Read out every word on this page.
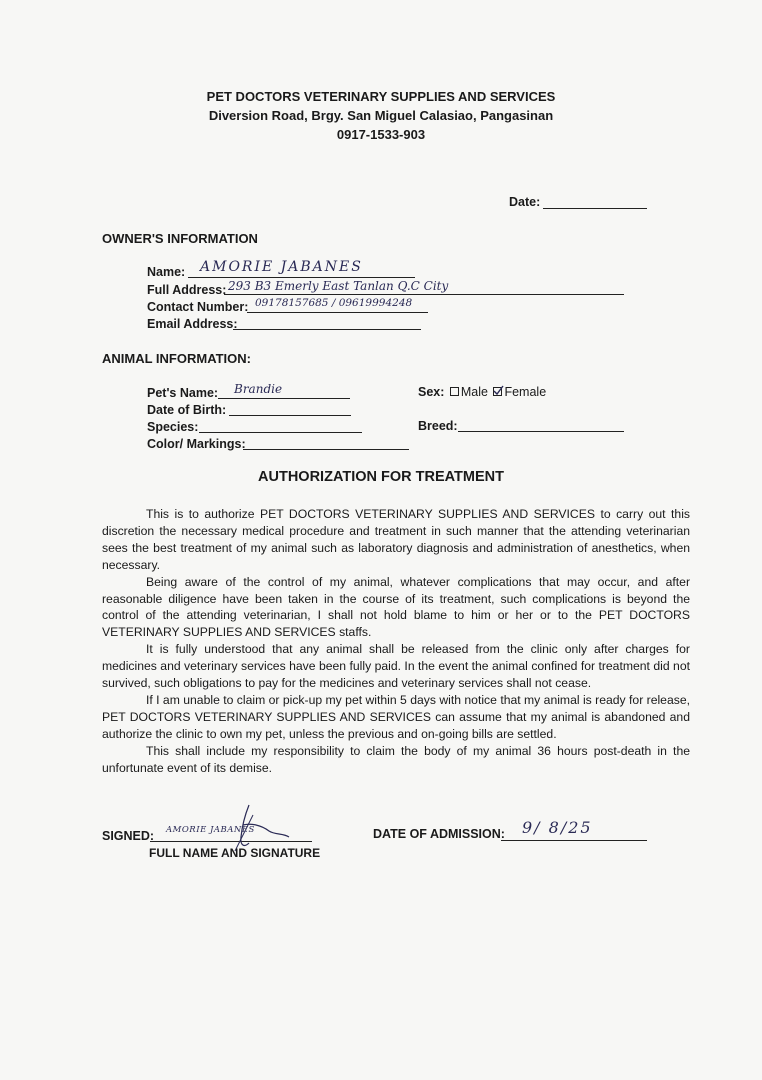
PET DOCTORS VETERINARY SUPPLIES AND SERVICES
Diversion Road, Brgy. San Miguel Calasiao, Pangasinan
0917-1533-903
Date:
OWNER'S INFORMATION
Name: AMORIE JABANES
Full Address: 293 B3 Emerly East Tanlan Q.C City
Contact Number: 09178157685 / 09619994248
Email Address:
ANIMAL INFORMATION:
Pet's Name: Brandie
Date of Birth:
Species:
Color/ Markings:
Sex: Male Female
Breed:
AUTHORIZATION FOR TREATMENT

This is to authorize PET DOCTORS VETERINARY SUPPLIES AND SERVICES to carry out this discretion the necessary medical procedure and treatment in such manner that the attending veterinarian sees the best treatment of my animal such as laboratory diagnosis and administration of anesthetics, when necessary.

Being aware of the control of my animal, whatever complications that may occur, and after reasonable diligence have been taken in the course of its treatment, such complications is beyond the control of the attending veterinarian, I shall not hold blame to him or her or to the PET DOCTORS VETERINARY SUPPLIES AND SERVICES staffs.

It is fully understood that any animal shall be released from the clinic only after charges for medicines and veterinary services have been fully paid. In the event the animal confined for treatment did not survived, such obligations to pay for the medicines and veterinary services shall not cease.

If I am unable to claim or pick-up my pet within 5 days with notice that my animal is ready for release, PET DOCTORS VETERINARY SUPPLIES AND SERVICES can assume that my animal is abandoned and authorize the clinic to own my pet, unless the previous and on-going bills are settled.

This shall include my responsibility to claim the body of my animal 36 hours post-death in the unfortunate event of its demise.

SIGNED: AMORIE JABANES
FULL NAME AND SIGNATURE
DATE OF ADMISSION: 9/ 8/25
